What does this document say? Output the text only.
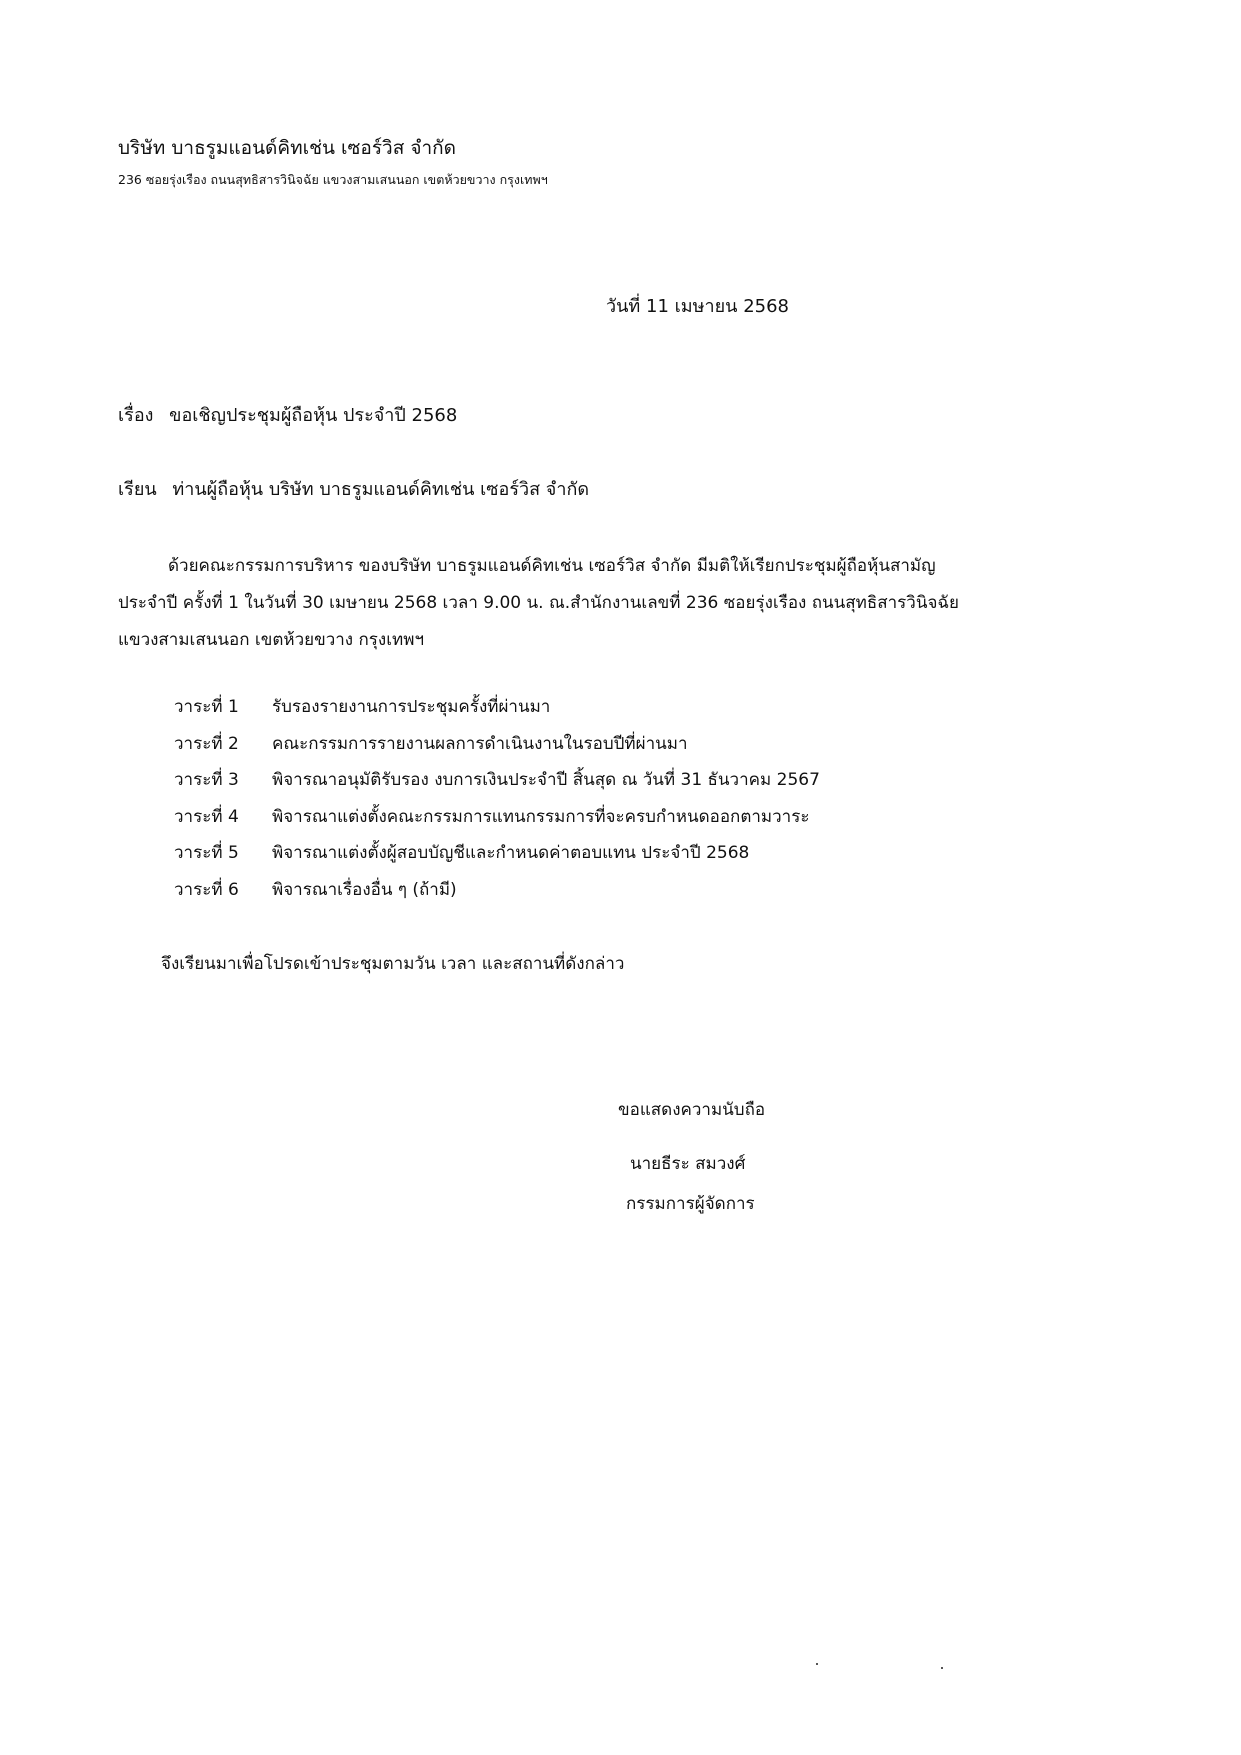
บริษัท บาธรูมแอนด์คิทเช่น เซอร์วิส จำกัด
236 ซอยรุ่งเรือง ถนนสุทธิสารวินิจฉัย แขวงสามเสนนอก เขตห้วยขวาง กรุงเทพฯ
วันที่ 11 เมษายน 2568
เรื่อง ขอเชิญประชุมผู้ถือหุ้น ประจำปี 2568
เรียน ท่านผู้ถือหุ้น บริษัท บาธรูมแอนด์คิทเช่น เซอร์วิส จำกัด
ด้วยคณะกรรมการบริหาร ของบริษัท บาธรูมแอนด์คิทเช่น เซอร์วิส จำกัด มีมติให้เรียกประชุมผู้ถือหุ้นสามัญ
ประจำปี ครั้งที่ 1 ในวันที่ 30 เมษายน 2568 เวลา 9.00 น. ณ.สำนักงานเลขที่ 236 ซอยรุ่งเรือง ถนนสุทธิสารวินิจฉัย
แขวงสามเสนนอก เขตห้วยขวาง กรุงเทพฯ
วาระที่ 1 รับรองรายงานการประชุมครั้งที่ผ่านมา
วาระที่ 2 คณะกรรมการรายงานผลการดำเนินงานในรอบปีที่ผ่านมา
วาระที่ 3 พิจารณาอนุมัติรับรอง งบการเงินประจำปี สิ้นสุด ณ วันที่ 31 ธันวาคม 2567
วาระที่ 4 พิจารณาแต่งตั้งคณะกรรมการแทนกรรมการที่จะครบกำหนดออกตามวาระ
วาระที่ 5 พิจารณาแต่งตั้งผู้สอบบัญชีและกำหนดค่าตอบแทน ประจำปี 2568
วาระที่ 6 พิจารณาเรื่องอื่น ๆ (ถ้ามี)
จึงเรียนมาเพื่อโปรดเข้าประชุมตามวัน เวลา และสถานที่ดังกล่าว
ขอแสดงความนับถือ
นายธีระ สมวงศ์
กรรมการผู้จัดการ
